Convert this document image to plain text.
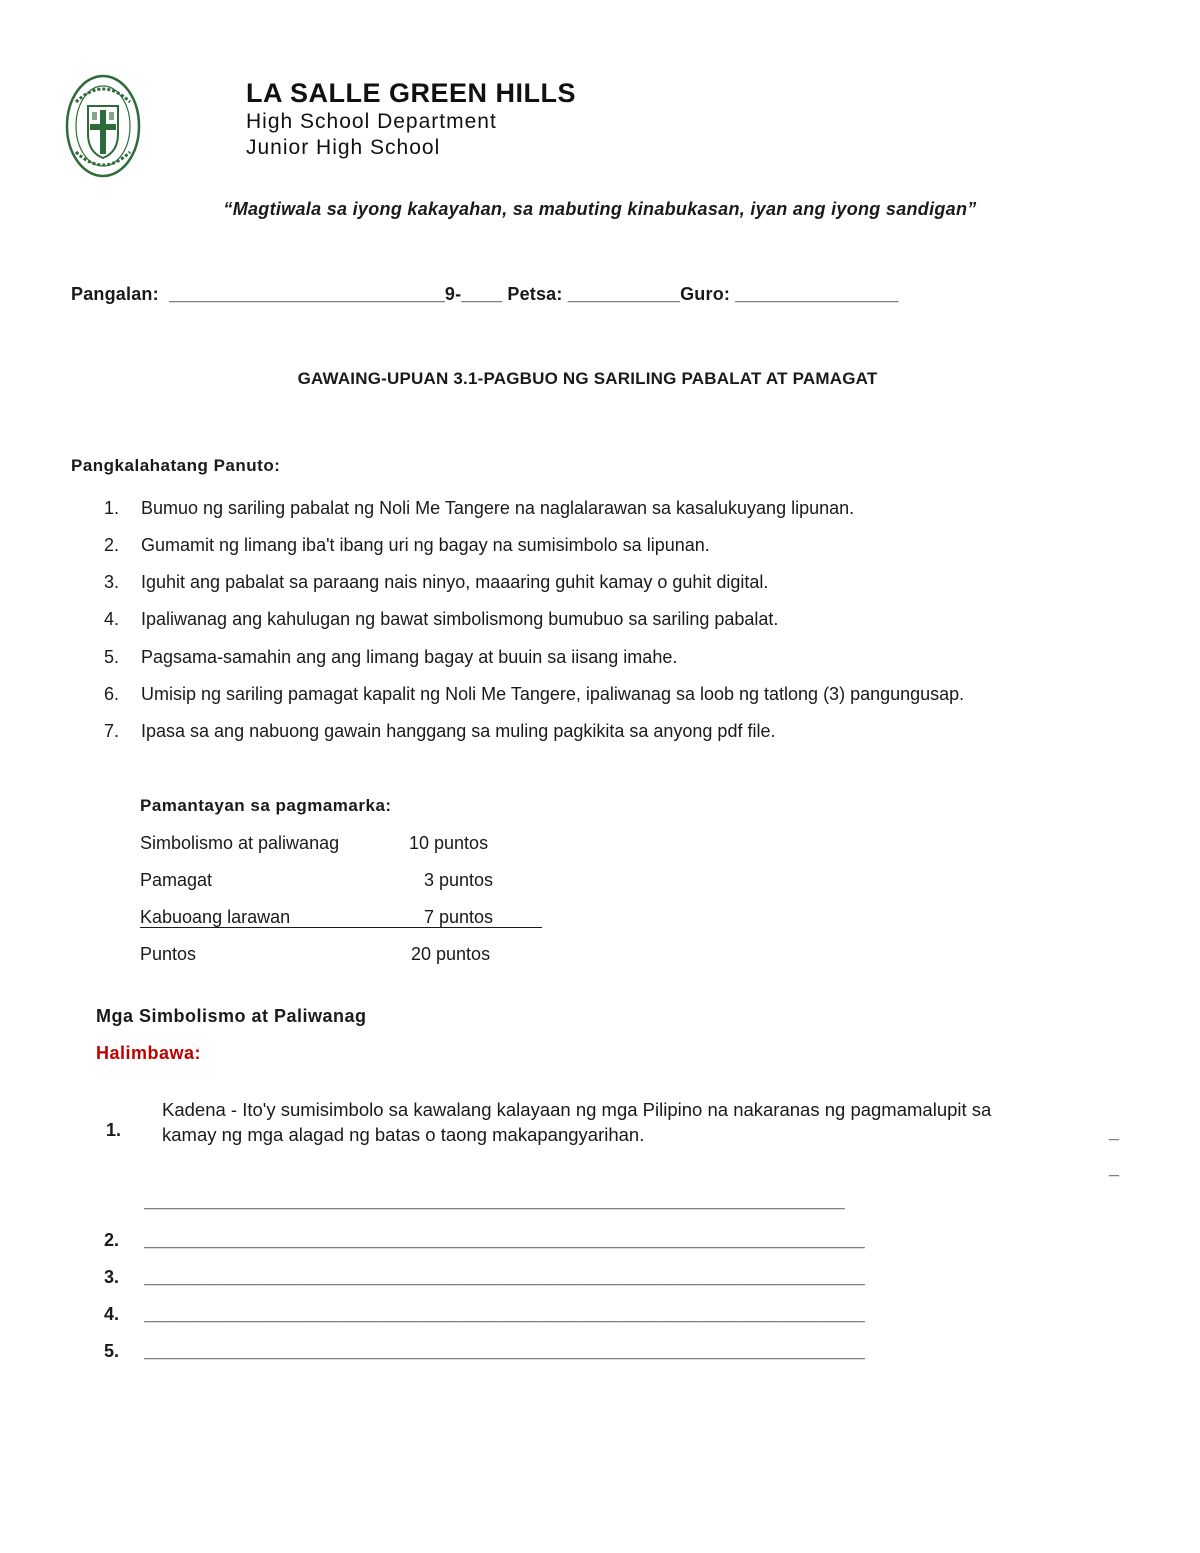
LA SALLE GREEN HILLS
High School Department
Junior High School
“Magtiwala sa iyong kakayahan, sa mabuting kinabukasan, iyan ang iyong sandigan”
Pangalan:  ___________________________9-____ Petsa: ___________Guro: ________________
GAWAING-UPUAN 3.1-PAGBUO NG SARILING PABALAT AT PAMAGAT
Pangkalahatang Panuto:
1. Bumuo ng sariling pabalat ng Noli Me Tangere na naglalarawan sa kasalukuyang lipunan.
2. Gumamit ng limang iba't ibang uri ng bagay na sumisimbolo sa lipunan.
3. Iguhit ang pabalat sa paraang nais ninyo, maaaring guhit kamay o guhit digital.
4. Ipaliwanag ang kahulugan ng bawat simbolismong bumubuo sa sariling pabalat.
5. Pagsama-samahin ang ang limang bagay at buuin sa iisang imahe.
6. Umisip ng sariling pamagat kapalit ng Noli Me Tangere, ipaliwanag sa loob ng tatlong (3) pangungusap.
7. Ipasa sa ang nabuong gawain hanggang sa muling pagkikita sa anyong pdf file.
Pamantayan sa pagmamarka:
Simbolismo at paliwanag	10 puntos
Pamagat	3 puntos
Kabuoang larawan	7 puntos
Puntos	20 puntos
Mga Simbolismo at Paliwanag
Halimbawa:
1.
Kadena - Ito'y sumisimbolo sa kawalang kalayaan ng mga Pilipino na nakaranas ng pagmamalupit sa kamay ng mga alagad ng batas o taong makapangyarihan.	_
_
______________________________________________________________________
2. ________________________________________________________________________
3. ________________________________________________________________________
4. ________________________________________________________________________
5. ________________________________________________________________________
